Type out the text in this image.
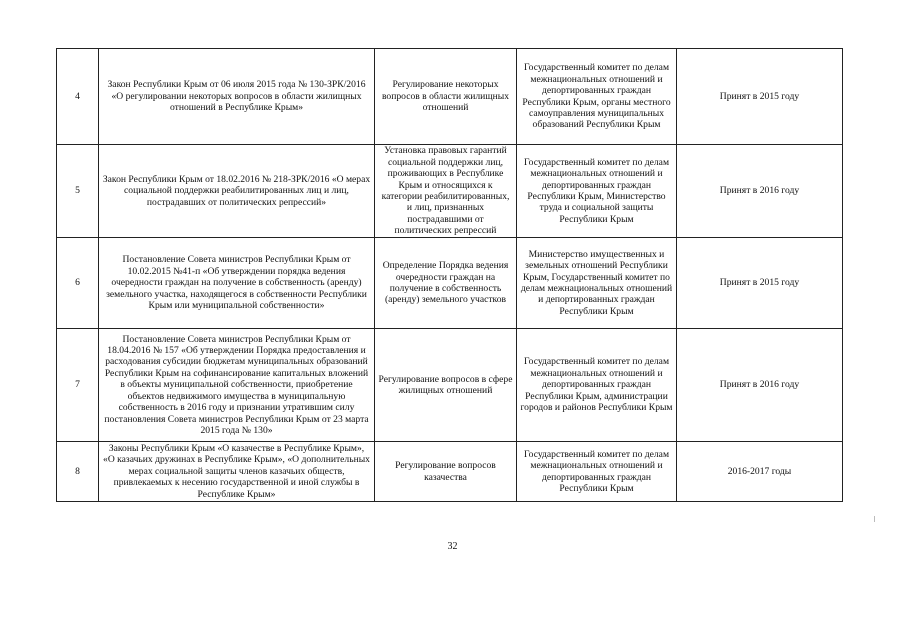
4	Закон Республики Крым от 06 июля 2015 года № 130-ЗРК/2016 «О регулировании некоторых вопросов в области жилищных отношений в Республике Крым»	Регулирование некоторых вопросов в области жилищных отношений	Государственный комитет по делам межнациональных отношений и депортированных граждан Республики Крым, органы местного самоуправления муниципальных образований Республики Крым	Принят в 2015 году
5	Закон Республики Крым от 18.02.2016 № 218-ЗРК/2016 «О мерах социальной поддержки реабилитированных лиц и лиц, пострадавших от политических репрессий»	Установка правовых гарантий социальной поддержки лиц, проживающих в Республике Крым и относящихся к категории реабилитированных, и лиц, признанных пострадавшими от политических репрессий	Государственный комитет по делам межнациональных отношений и депортированных граждан Республики Крым, Министерство труда и социальной защиты Республики Крым	Принят в 2016 году
6	Постановление Совета министров Республики Крым от 10.02.2015 №41-п «Об утверждении порядка ведения очередности граждан на получение в собственность (аренду) земельного участка, находящегося в собственности Республики Крым или муниципальной собственности»	Определение Порядка ведения очередности граждан на получение в собственность (аренду) земельного участков	Министерство имущественных и земельных отношений Республики Крым, Государственный комитет по делам межнациональных отношений и депортированных граждан Республики Крым	Принят в 2015 году
7	Постановление Совета министров Республики Крым от 18.04.2016 № 157 «Об утверждении Порядка предоставления и расходования субсидии бюджетам муниципальных образований Республики Крым на софинансирование капитальных вложений в объекты муниципальной собственности, приобретение объектов недвижимого имущества в муниципальную собственность в 2016 году и признании утратившим силу постановления Совета министров Республики Крым от 23 марта 2015 года № 130»	Регулирование вопросов в сфере жилищных отношений	Государственный комитет по делам межнациональных отношений и депортированных граждан Республики Крым, администрации городов и районов Республики Крым	Принят в 2016 году
8	Законы Республики Крым «О казачестве в Республике Крым», «О казачьих дружинах в Республике Крым», «О дополнительных мерах социальной защиты членов казачьих обществ, привлекаемых к несению государственной и иной службы в Республике Крым»	Регулирование вопросов казачества	Государственный комитет по делам межнациональных отношений и депортированных граждан Республики Крым	2016-2017 годы
32
